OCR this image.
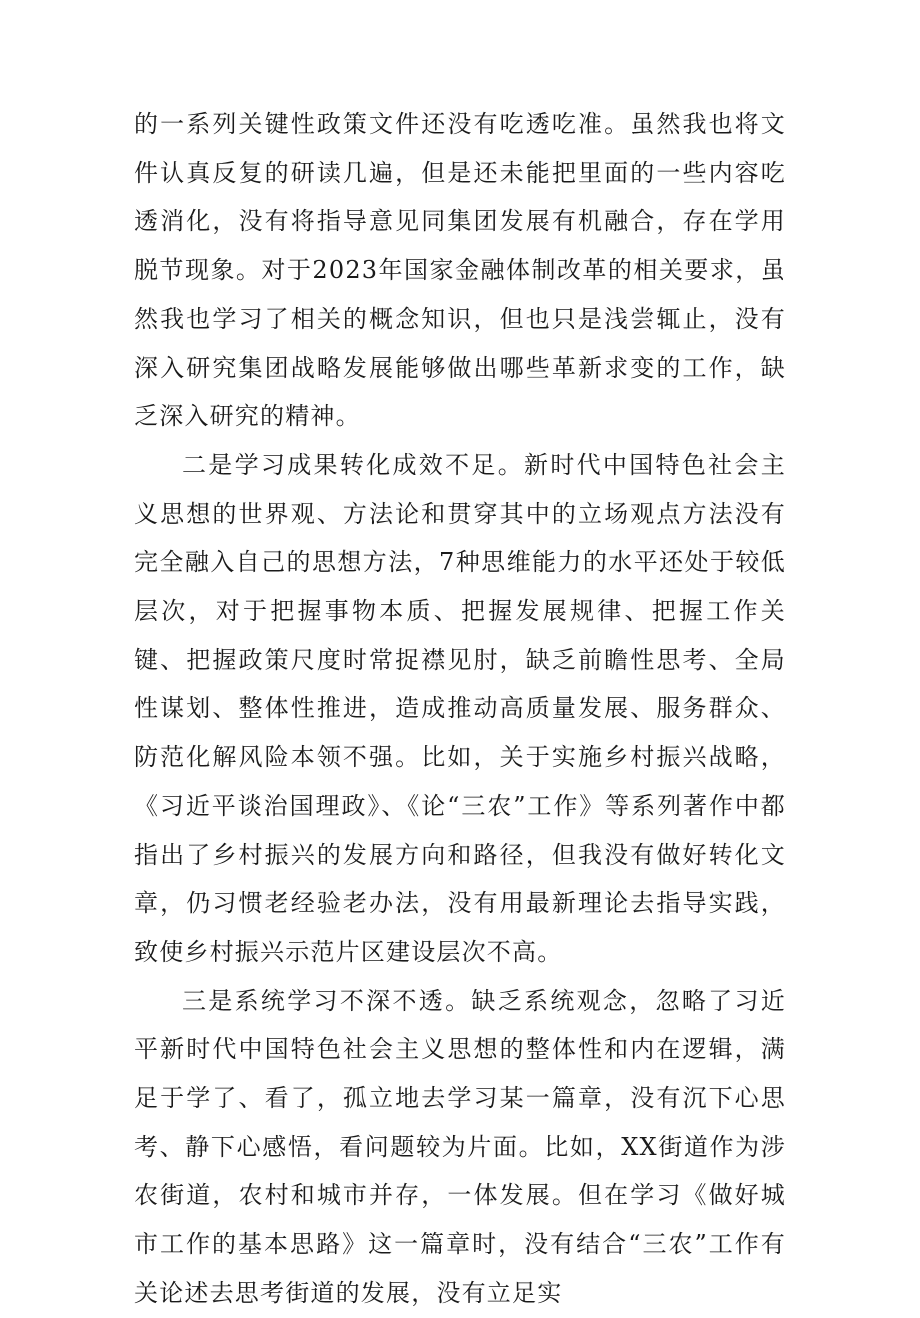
的一系列关键性政策文件还没有吃透吃准。虽然我也将文件认真反复的研读几遍，但是还未能把里面的一些内容吃透消化，没有将指导意见同集团发展有机融合，存在学用脱节现象。对于2023年国家金融体制改革的相关要求，虽然我也学习了相关的概念知识，但也只是浅尝辄止，没有深入研究集团战略发展能够做出哪些革新求变的工作，缺乏深入研究的精神。

二是学习成果转化成效不足。新时代中国特色社会主义思想的世界观、方法论和贯穿其中的立场观点方法没有完全融入自己的思想方法，7种思维能力的水平还处于较低层次，对于把握事物本质、把握发展规律、把握工作关键、把握政策尺度时常捉襟见肘，缺乏前瞻性思考、全局性谋划、整体性推进，造成推动高质量发展、服务群众、防范化解风险本领不强。比如，关于实施乡村振兴战略，《习近平谈治国理政》、《论“三农”工作》等系列著作中都指出了乡村振兴的发展方向和路径，但我没有做好转化文章，仍习惯老经验老办法，没有用最新理论去指导实践，致使乡村振兴示范片区建设层次不高。

三是系统学习不深不透。缺乏系统观念，忽略了习近平新时代中国特色社会主义思想的整体性和内在逻辑，满足于学了、看了，孤立地去学习某一篇章，没有沉下心思考、静下心感悟，看问题较为片面。比如，XX街道作为涉农街道，农村和城市并存，一体发展。但在学习《做好城市工作的基本思路》这一篇章时，没有结合“三农”工作有关论述去思考街道的发展，没有立足实
